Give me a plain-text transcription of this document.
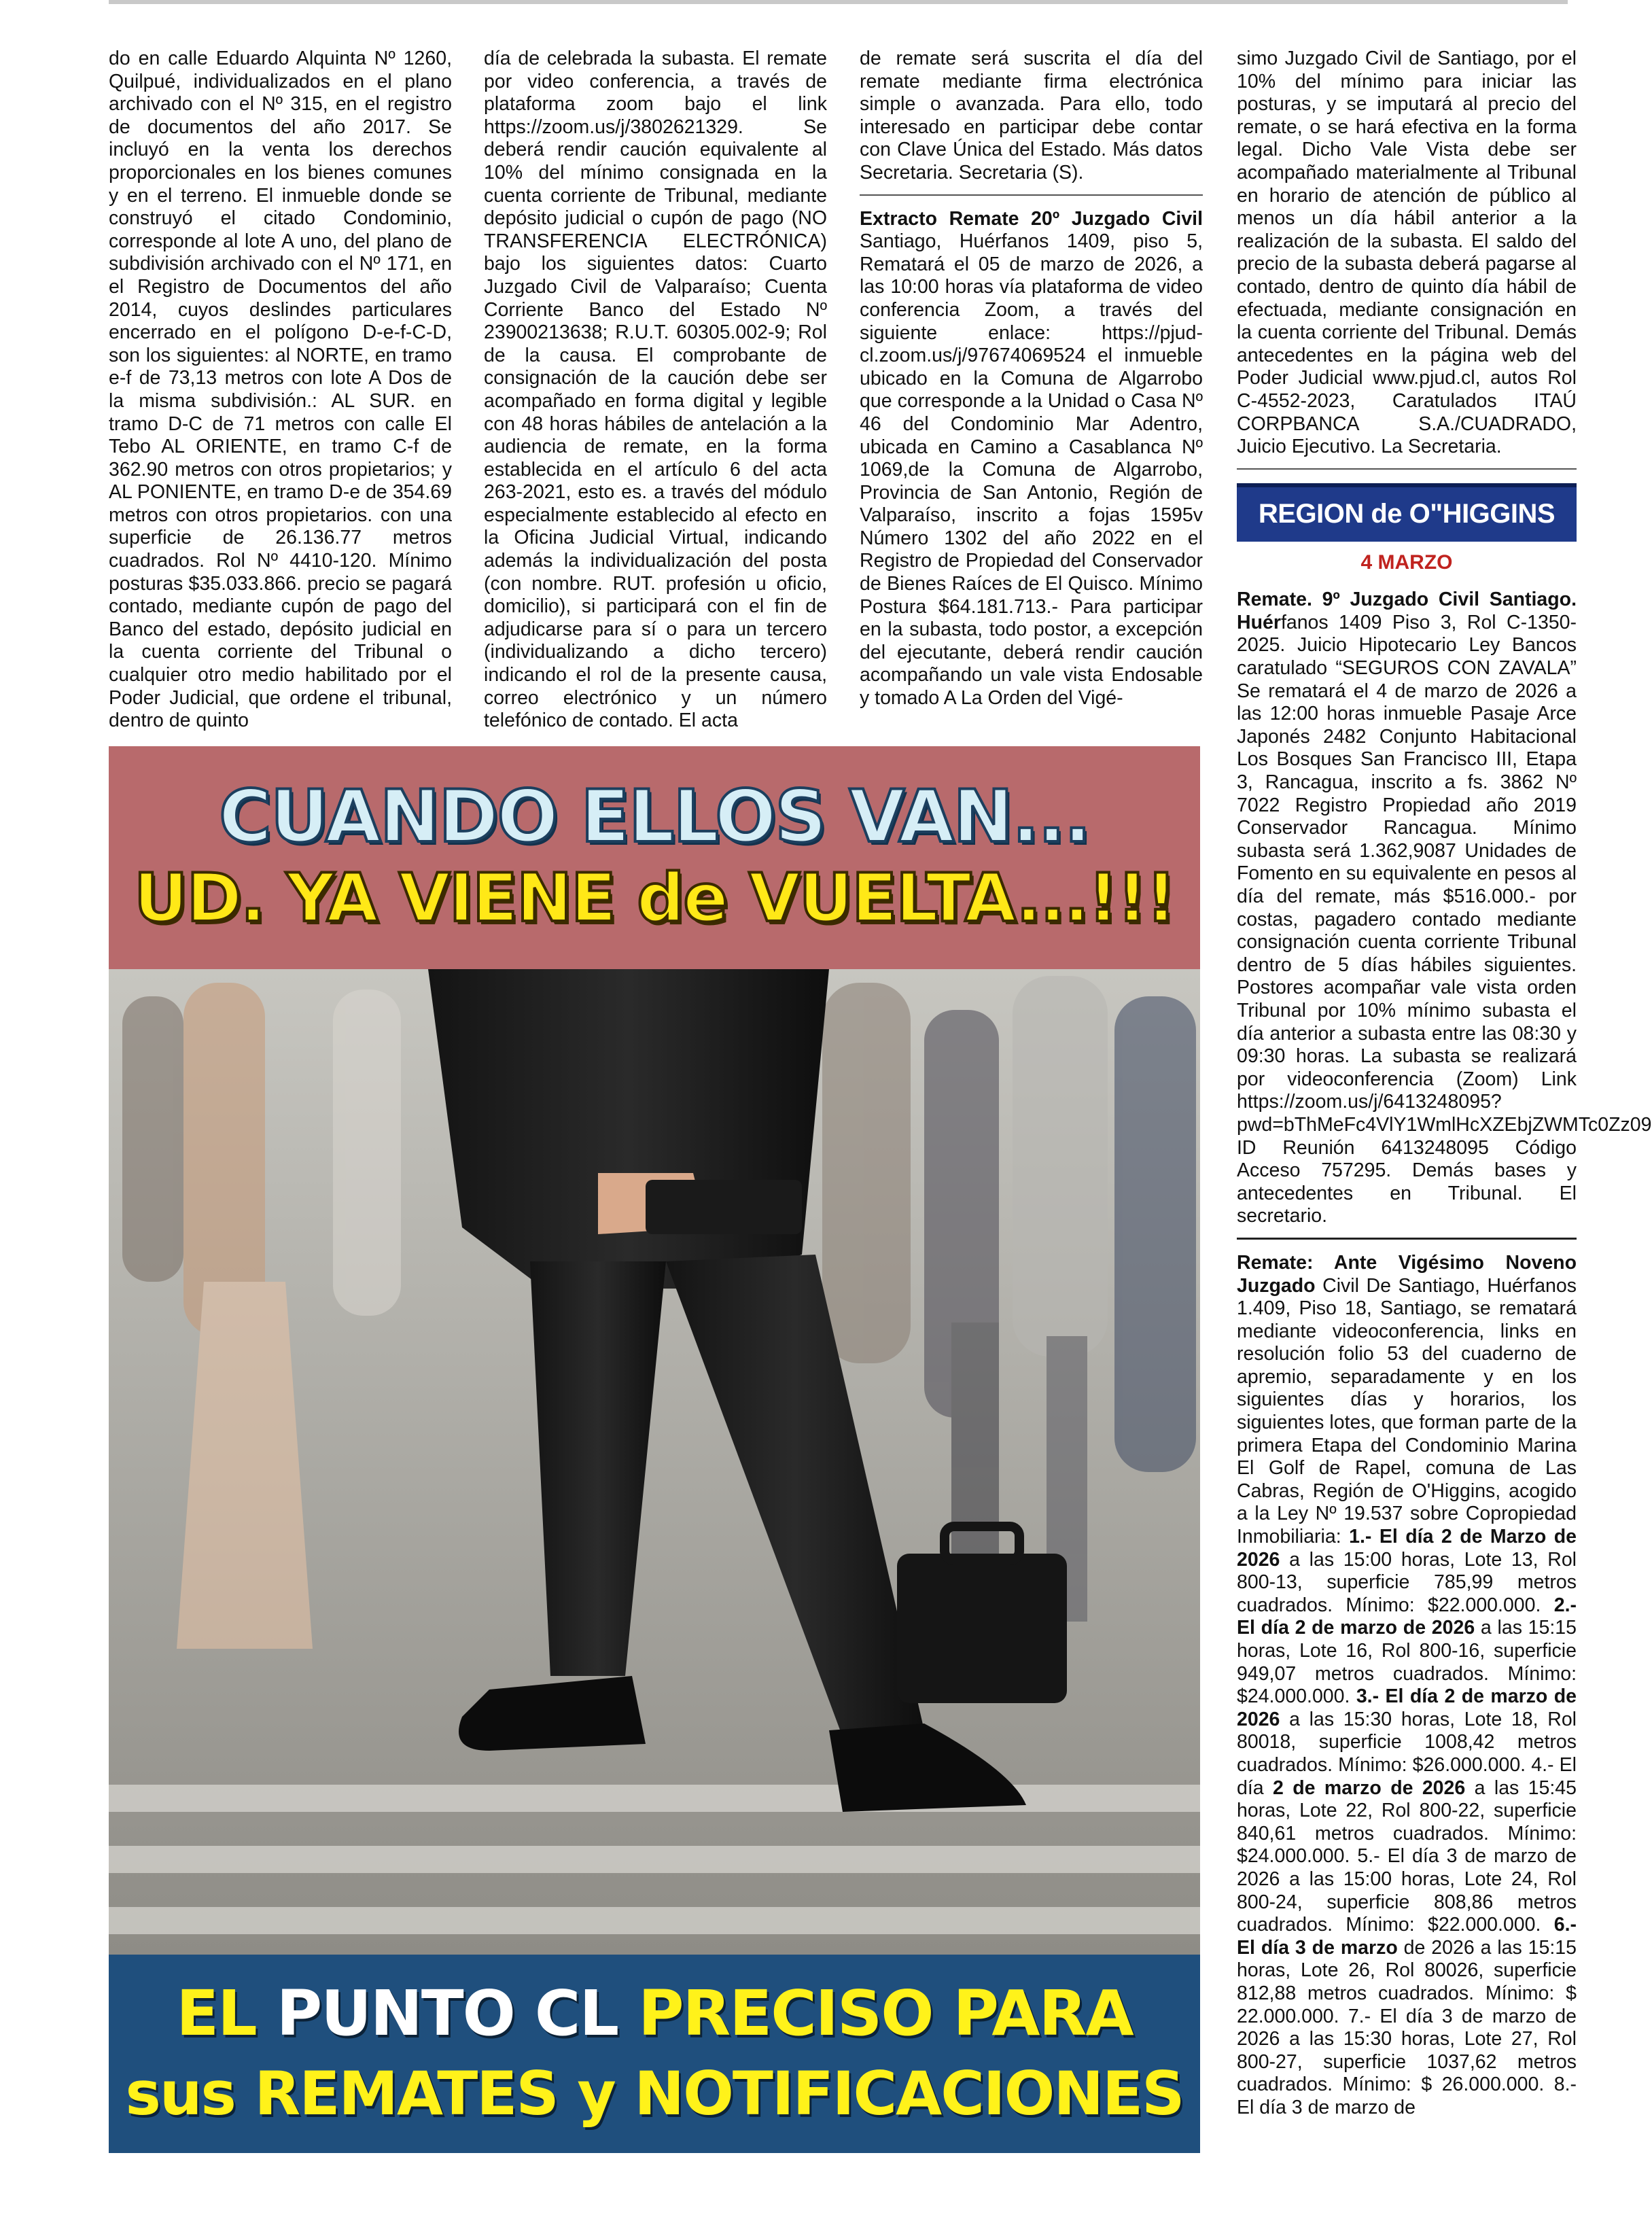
do en calle Eduardo Alquinta Nº 1260, Quilpué, individualizados en el plano archivado con el Nº 315, en el registro de documentos del año 2017. Se incluyó en la venta los derechos proporcionales en los bienes comunes y en el terreno. El inmueble donde se construyó el citado Condominio, corresponde al lote A uno, del plano de subdivisión archivado con el Nº 171, en el Registro de Documentos del año 2014, cuyos deslindes particulares encerrado en el polígono D-e-f-C-D, son los siguientes: al NORTE, en tramo e-f de 73,13 metros con lote A Dos de la misma subdivisión.: AL SUR. en tramo D-C de 71 metros con calle El Tebo AL ORIENTE, en tramo C-f de 362.90 metros con otros propietarios; y AL PONIENTE, en tramo D-e de 354.69 metros con otros propietarios. con una superficie de 26.136.77 metros cuadrados. Rol Nº 4410-120. Mínimo posturas $35.033.866. precio se pagará contado, mediante cupón de pago del Banco del estado, depósito judicial en la cuenta corriente del Tribunal o cualquier otro medio habilitado por el Poder Judicial, que ordene el tribunal, dentro de quinto

día de celebrada la subasta. El remate por video conferencia, a través de plataforma zoom bajo el link https://zoom.us/j/3802621329. Se deberá rendir caución equivalente al 10% del mínimo consignada en la cuenta corriente de Tribunal, mediante depósito judicial o cupón de pago (NO TRANSFERENCIA ELECTRÓNICA) bajo los siguientes datos: Cuarto Juzgado Civil de Valparaíso; Cuenta Corriente Banco del Estado Nº 23900213638; R.U.T. 60305.002-9; Rol de la causa. El comprobante de consignación de la caución debe ser acompañado en forma digital y legible con 48 horas hábiles de antelación a la audiencia de remate, en la forma establecida en el artículo 6 del acta 263-2021, esto es. a través del módulo especialmente establecido al efecto en la Oficina Judicial Virtual, indicando además la individualización del posta (con nombre. RUT. profesión u oficio, domicilio), si participará con el fin de adjudicarse para sí o para un tercero (individualizando a dicho tercero) indicando el rol de la presente causa, correo electrónico y un número telefónico de contado. El acta

de remate será suscrita el día del remate mediante firma electrónica simple o avanzada. Para ello, todo interesado en participar debe contar con Clave Única del Estado. Más datos Secretaria. Secretaria (S).

Extracto Remate 20º Juzgado Civil Santiago, Huérfanos 1409, piso 5, Rematará el 05 de marzo de 2026, a las 10:00 horas vía plataforma de video conferencia Zoom, a través del siguiente enlace: https://pjud-cl.zoom.us/j/97674069524 el inmueble ubicado en la Comuna de Algarrobo que corresponde a la Unidad o Casa Nº 46 del Condominio Mar Adentro, ubicada en Camino a Casablanca Nº 1069,de la Comuna de Algarrobo, Provincia de San Antonio, Región de Valparaíso, inscrito a fojas 1595v Número 1302 del año 2022 en el Registro de Propiedad del Conservador de Bienes Raíces de El Quisco. Mínimo Postura $64.181.713.- Para participar en la subasta, todo postor, a excepción del ejecutante, deberá rendir caución acompañando un vale vista Endosable y tomado A La Orden del Vigé-

simo Juzgado Civil de Santiago, por el 10% del mínimo para iniciar las posturas, y se imputará al precio del remate, o se hará efectiva en la forma legal. Dicho Vale Vista debe ser acompañado materialmente al Tribunal en horario de atención de público al menos un día hábil anterior a la realización de la subasta. El saldo del precio de la subasta deberá pagarse al contado, dentro de quinto día hábil de efectuada, mediante consignación en la cuenta corriente del Tribunal. Demás antecedentes en la página web del Poder Judicial www.pjud.cl, autos Rol C-4552-2023, Caratulados ITAÚ CORPBANCA S.A./CUADRADO, Juicio Ejecutivo. La Secretaria.

REGION de O"HIGGINS
4 MARZO

Remate. 9º Juzgado Civil Santiago. Huérfanos 1409 Piso 3, Rol C-1350-2025. Juicio Hipotecario Ley Bancos caratulado “SEGUROS CON ZAVALA” Se rematará el 4 de marzo de 2026 a las 12:00 horas inmueble Pasaje Arce Japonés 2482 Conjunto Habitacional Los Bosques San Francisco III, Etapa 3, Rancagua, inscrito a fs. 3862 Nº 7022 Registro Propiedad año 2019 Conservador Rancagua. Mínimo subasta será 1.362,9087 Unidades de Fomento en su equivalente en pesos al día del remate, más $516.000.- por costas, pagadero contado mediante consignación cuenta corriente Tribunal dentro de 5 días hábiles siguientes. Postores acompañar vale vista orden Tribunal por 10% mínimo subasta el día anterior a subasta entre las 08:30 y 09:30 horas. La subasta se realizará por videoconferencia (Zoom) Link https://zoom.us/j/6413248095?pwd=bThMeFc4VlY1WmlHcXZEbjZWMTc0Zz09 ID Reunión 6413248095 Código Acceso 757295. Demás bases y antecedentes en Tribunal. El secretario.

Remate: Ante Vigésimo Noveno Juzgado Civil De Santiago, Huérfanos 1.409, Piso 18, Santiago, se rematará mediante videoconferencia, links en resolución folio 53 del cuaderno de apremio, separadamente y en los siguientes días y horarios, los siguientes lotes, que forman parte de la primera Etapa del Condominio Marina El Golf de Rapel, comuna de Las Cabras, Región de O'Higgins, acogido a la Ley Nº 19.537 sobre Copropiedad Inmobiliaria: 1.- El día 2 de Marzo de 2026 a las 15:00 horas, Lote 13, Rol 800-13, superficie 785,99 metros cuadrados. Mínimo: $22.000.000. 2.- El día 2 de marzo de 2026 a las 15:15 horas, Lote 16, Rol 800-16, superficie 949,07 metros cuadrados. Mínimo: $24.000.000. 3.- El día 2 de marzo de 2026 a las 15:30 horas, Lote 18, Rol 80018, superficie 1008,42 metros cuadrados. Mínimo: $26.000.000. 4.- El día 2 de marzo de 2026 a las 15:45 horas, Lote 22, Rol 800-22, superficie 840,61 metros cuadrados. Mínimo: $24.000.000. 5.- El día 3 de marzo de 2026 a las 15:00 horas, Lote 24, Rol 800-24, superficie 808,86 metros cuadrados. Mínimo: $22.000.000. 6.- El día 3 de marzo de 2026 a las 15:15 horas, Lote 26, Rol 80026, superficie 812,88 metros cuadrados. Mínimo: $ 22.000.000. 7.- El día 3 de marzo de 2026 a las 15:30 horas, Lote 27, Rol 800-27, superficie 1037,62 metros cuadrados. Mínimo: $ 26.000.000. 8.- El día 3 de marzo de

CUANDO ELLOS VAN...
UD. YA VIENE de VUELTA...!!!
EL PUNTO CL PRECISO PARA
sus REMATES y NOTIFICACIONES
